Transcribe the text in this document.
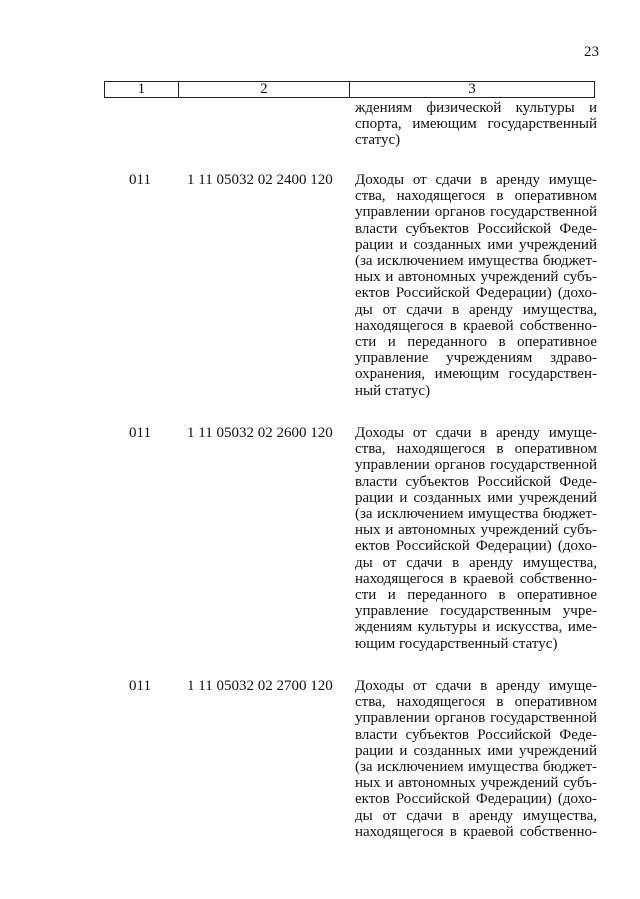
23
1	2	3
ждениям физической культуры и
спорта, имеющим государственный
статус)
011 1 11 05032 02 2400 120 Доходы от сдачи в аренду имуще-
ства, находящегося в оперативном
управлении органов государственной
власти субъектов Российской Феде-
рации и созданных ими учреждений
(за исключением имущества бюджет-
ных и автономных учреждений субъ-
ектов Российской Федерации) (дохо-
ды от сдачи в аренду имущества,
находящегося в краевой собственно-
сти и переданного в оперативное
управление учреждениям здраво-
охранения, имеющим государствен-
ный статус)
011 1 11 05032 02 2600 120 Доходы от сдачи в аренду имуще-
ства, находящегося в оперативном
управлении органов государственной
власти субъектов Российской Феде-
рации и созданных ими учреждений
(за исключением имущества бюджет-
ных и автономных учреждений субъ-
ектов Российской Федерации) (дохо-
ды от сдачи в аренду имущества,
находящегося в краевой собственно-
сти и переданного в оперативное
управление государственным учре-
ждениям культуры и искусства, име-
ющим государственный статус)
011 1 11 05032 02 2700 120 Доходы от сдачи в аренду имуще-
ства, находящегося в оперативном
управлении органов государственной
власти субъектов Российской Феде-
рации и созданных ими учреждений
(за исключением имущества бюджет-
ных и автономных учреждений субъ-
ектов Российской Федерации) (дохо-
ды от сдачи в аренду имущества,
находящегося в краевой собственно-
